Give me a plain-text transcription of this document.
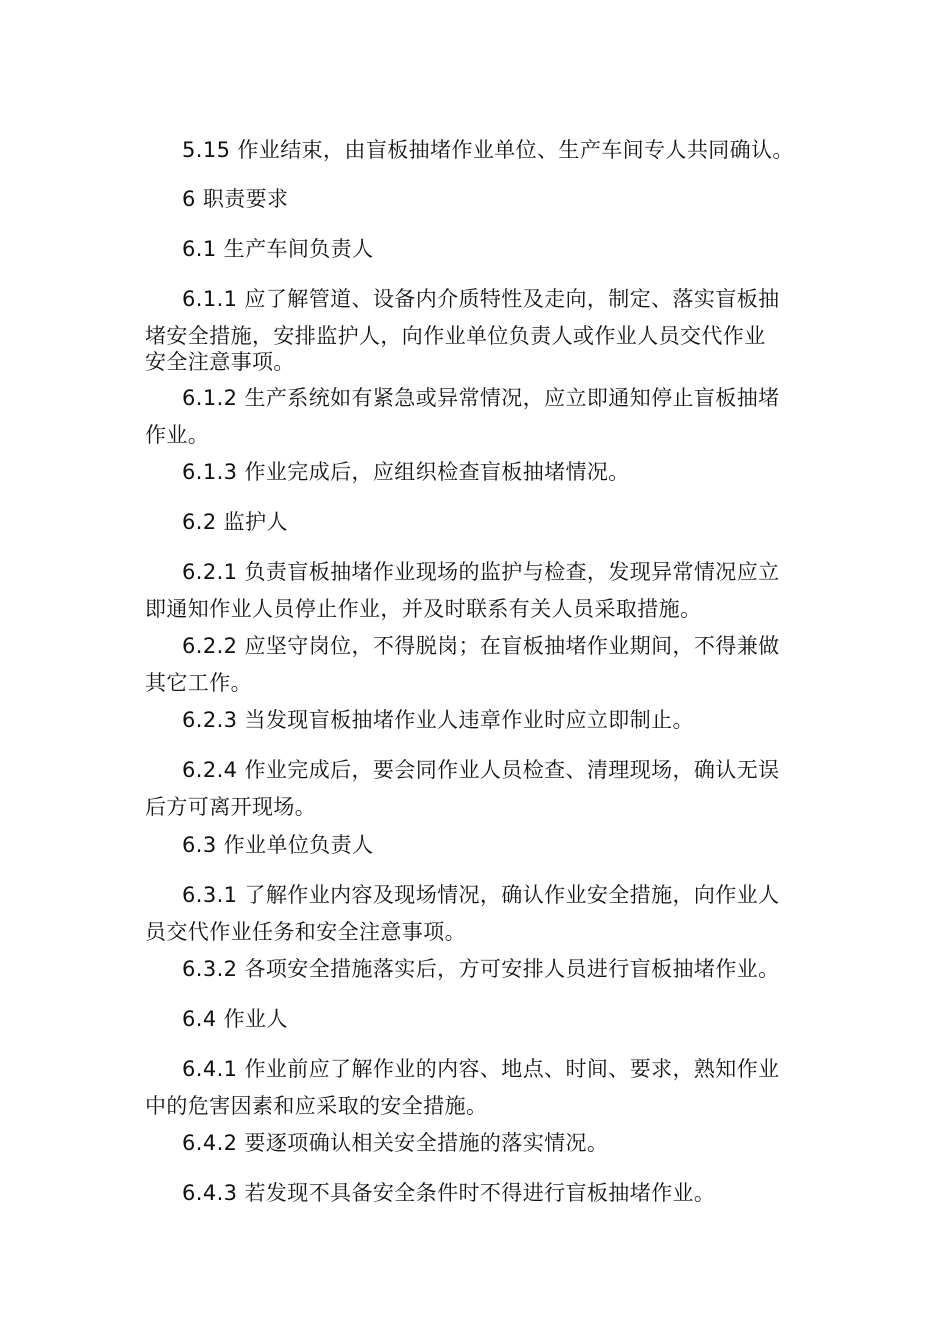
5.15 作业结束，由盲板抽堵作业单位、生产车间专人共同确认。
6 职责要求
6.1 生产车间负责人
6.1.1 应了解管道、设备内介质特性及走向，制定、落实盲板抽
堵安全措施，安排监护人，向作业单位负责人或作业人员交代作业
安全注意事项。
6.1.2 生产系统如有紧急或异常情况，应立即通知停止盲板抽堵
作业。
6.1.3 作业完成后，应组织检查盲板抽堵情况。
6.2 监护人
6.2.1 负责盲板抽堵作业现场的监护与检查，发现异常情况应立
即通知作业人员停止作业，并及时联系有关人员采取措施。
6.2.2 应坚守岗位，不得脱岗；在盲板抽堵作业期间，不得兼做
其它工作。
6.2.3 当发现盲板抽堵作业人违章作业时应立即制止。
6.2.4 作业完成后，要会同作业人员检查、清理现场，确认无误
后方可离开现场。
6.3 作业单位负责人
6.3.1 了解作业内容及现场情况，确认作业安全措施，向作业人
员交代作业任务和安全注意事项。
6.3.2 各项安全措施落实后，方可安排人员进行盲板抽堵作业。
6.4 作业人
6.4.1 作业前应了解作业的内容、地点、时间、要求，熟知作业
中的危害因素和应采取的安全措施。
6.4.2 要逐项确认相关安全措施的落实情况。
6.4.3 若发现不具备安全条件时不得进行盲板抽堵作业。
